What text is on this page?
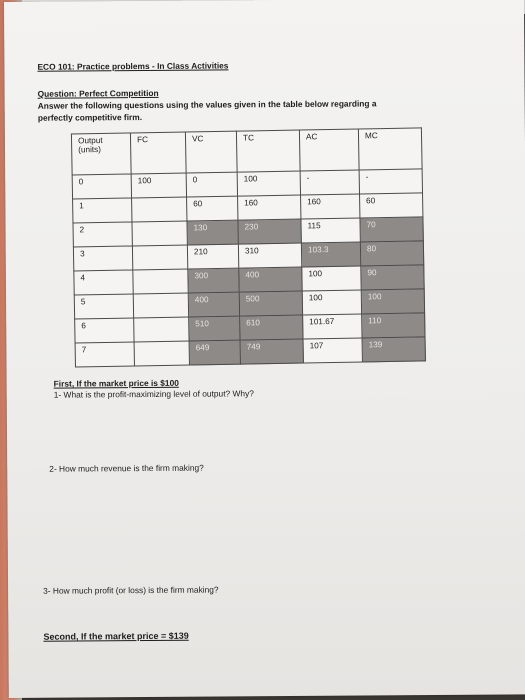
ECO 101: Practice problems - In Class Activities
Question: Perfect Competition
Answer the following questions using the values given in the table below regarding a
perfectly competitive firm.
Output
(units)	FC	VC	TC	AC	MC
0	100	0	100	-	-
1		60	160	160	60
2		130	230	115	70
3		210	310	103.3	80
4		300	400	100	90
5		400	500	100	100
6		510	610	101.67	110
7		649	749	107	139
First, If the market price is $100
1- What is the profit-maximizing level of output? Why?
2- How much revenue is the firm making?
3- How much profit (or loss) is the firm making?
Second, If the market price = $139
